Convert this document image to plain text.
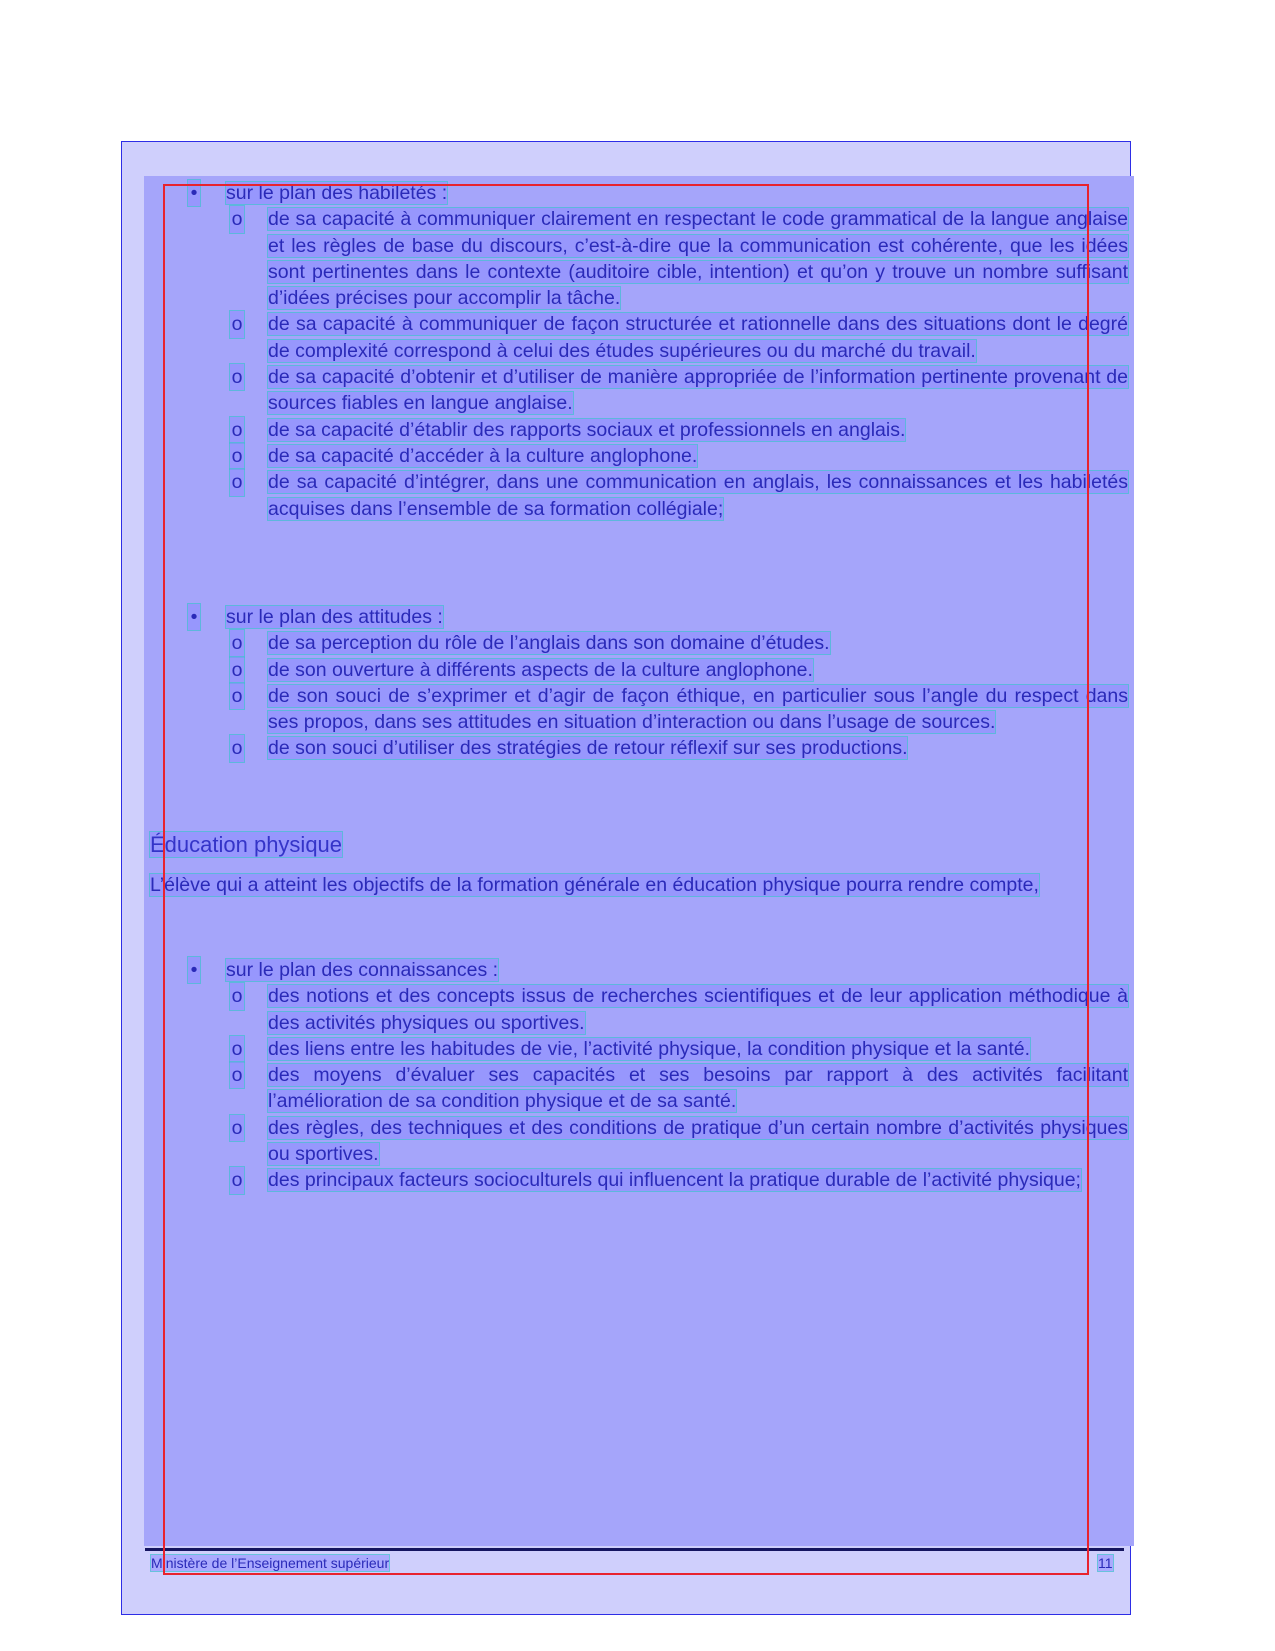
• sur le plan des habiletés :
o de sa capacité à communiquer clairement en respectant le code grammatical de la langue anglaise et les règles de base du discours, c’est-à-dire que la communication est cohérente, que les idées sont pertinentes dans le contexte (auditoire cible, intention) et qu’on y trouve un nombre suffisant d’idées précises pour accomplir la tâche.
o de sa capacité à communiquer de façon structurée et rationnelle dans des situations dont le degré de complexité correspond à celui des études supérieures ou du marché du travail.
o de sa capacité d’obtenir et d’utiliser de manière appropriée de l’information pertinente provenant de sources fiables en langue anglaise.
o de sa capacité d’établir des rapports sociaux et professionnels en anglais.
o de sa capacité d’accéder à la culture anglophone.
o de sa capacité d’intégrer, dans une communication en anglais, les connaissances et les habiletés acquises dans l’ensemble de sa formation collégiale;
• sur le plan des attitudes :
o de sa perception du rôle de l’anglais dans son domaine d’études.
o de son ouverture à différents aspects de la culture anglophone.
o de son souci de s’exprimer et d’agir de façon éthique, en particulier sous l’angle du respect dans ses propos, dans ses attitudes en situation d’interaction ou dans l’usage de sources.
o de son souci d’utiliser des stratégies de retour réflexif sur ses productions.
Éducation physique
L’élève qui a atteint les objectifs de la formation générale en éducation physique pourra rendre compte,
• sur le plan des connaissances :
o des notions et des concepts issus de recherches scientifiques et de leur application méthodique à des activités physiques ou sportives.
o des liens entre les habitudes de vie, l’activité physique, la condition physique et la santé.
o des moyens d’évaluer ses capacités et ses besoins par rapport à des activités facilitant l’amélioration de sa condition physique et de sa santé.
o des règles, des techniques et des conditions de pratique d’un certain nombre d’activités physiques ou sportives.
o des principaux facteurs socioculturels qui influencent la pratique durable de l’activité physique;
Ministère de l’Enseignement supérieur	11
